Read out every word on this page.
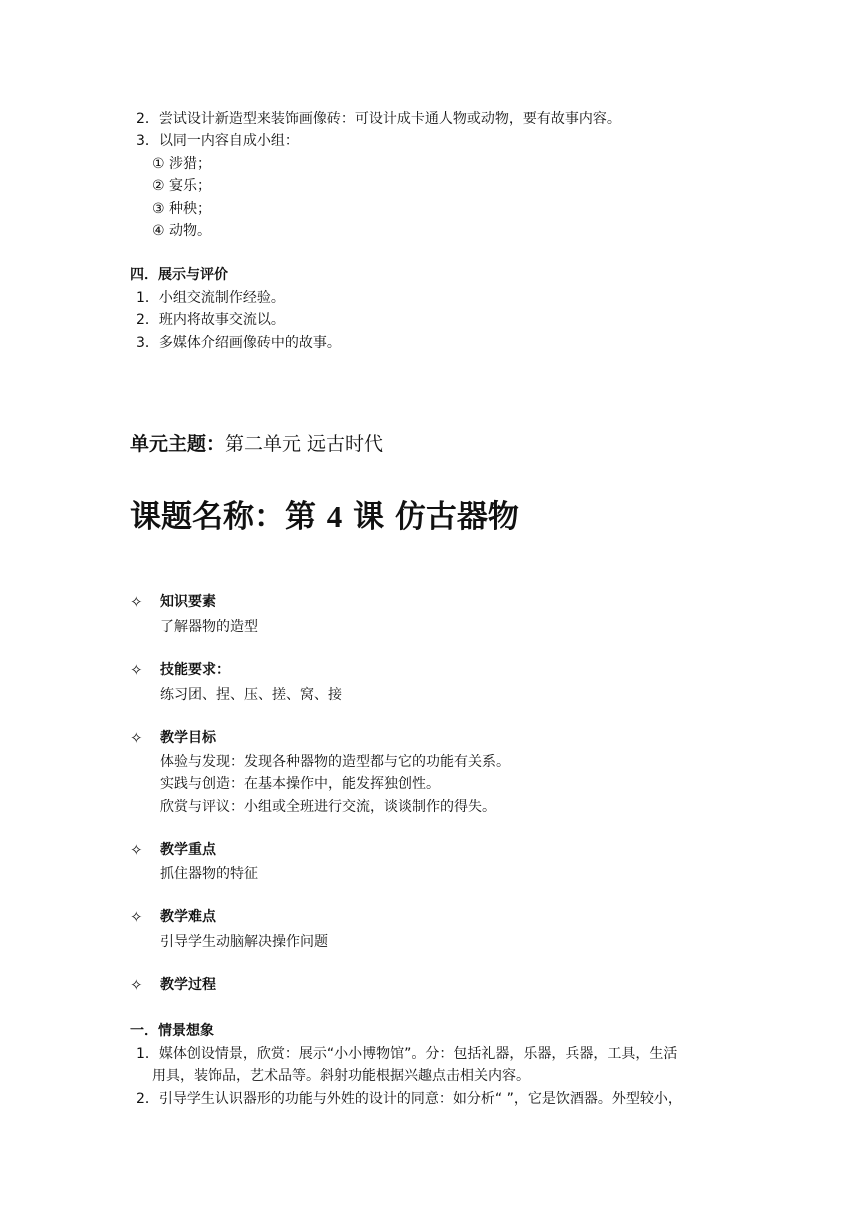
2．尝试设计新造型来装饰画像砖：可设计成卡通人物或动物，要有故事内容。
3．以同一内容自成小组：
① 涉猎；
② 宴乐；
③ 种秧；
④ 动物。
四．展示与评价
1．小组交流制作经验。
2．班内将故事交流以。
3．多媒体介绍画像砖中的故事。
单元主题：第二单元 远古时代
课题名称：第 4 课 仿古器物
✧ 知识要素
了解器物的造型
✧ 技能要求：
练习团、捏、压、搓、窝、接
✧ 教学目标
体验与发现：发现各种器物的造型都与它的功能有关系。
实践与创造：在基本操作中，能发挥独创性。
欣赏与评议：小组或全班进行交流，谈谈制作的得失。
✧ 教学重点
抓住器物的特征
✧ 教学难点
引导学生动脑解决操作问题
✧ 教学过程
一．情景想象
1．媒体创设情景，欣赏：展示“小小博物馆”。分：包括礼器，乐器，兵器，工具，生活
用具，装饰品，艺术品等。斜射功能根据兴趣点击相关内容。
2．引导学生认识器形的功能与外姓的设计的同意：如分析“ ”，它是饮酒器。外型较小，
